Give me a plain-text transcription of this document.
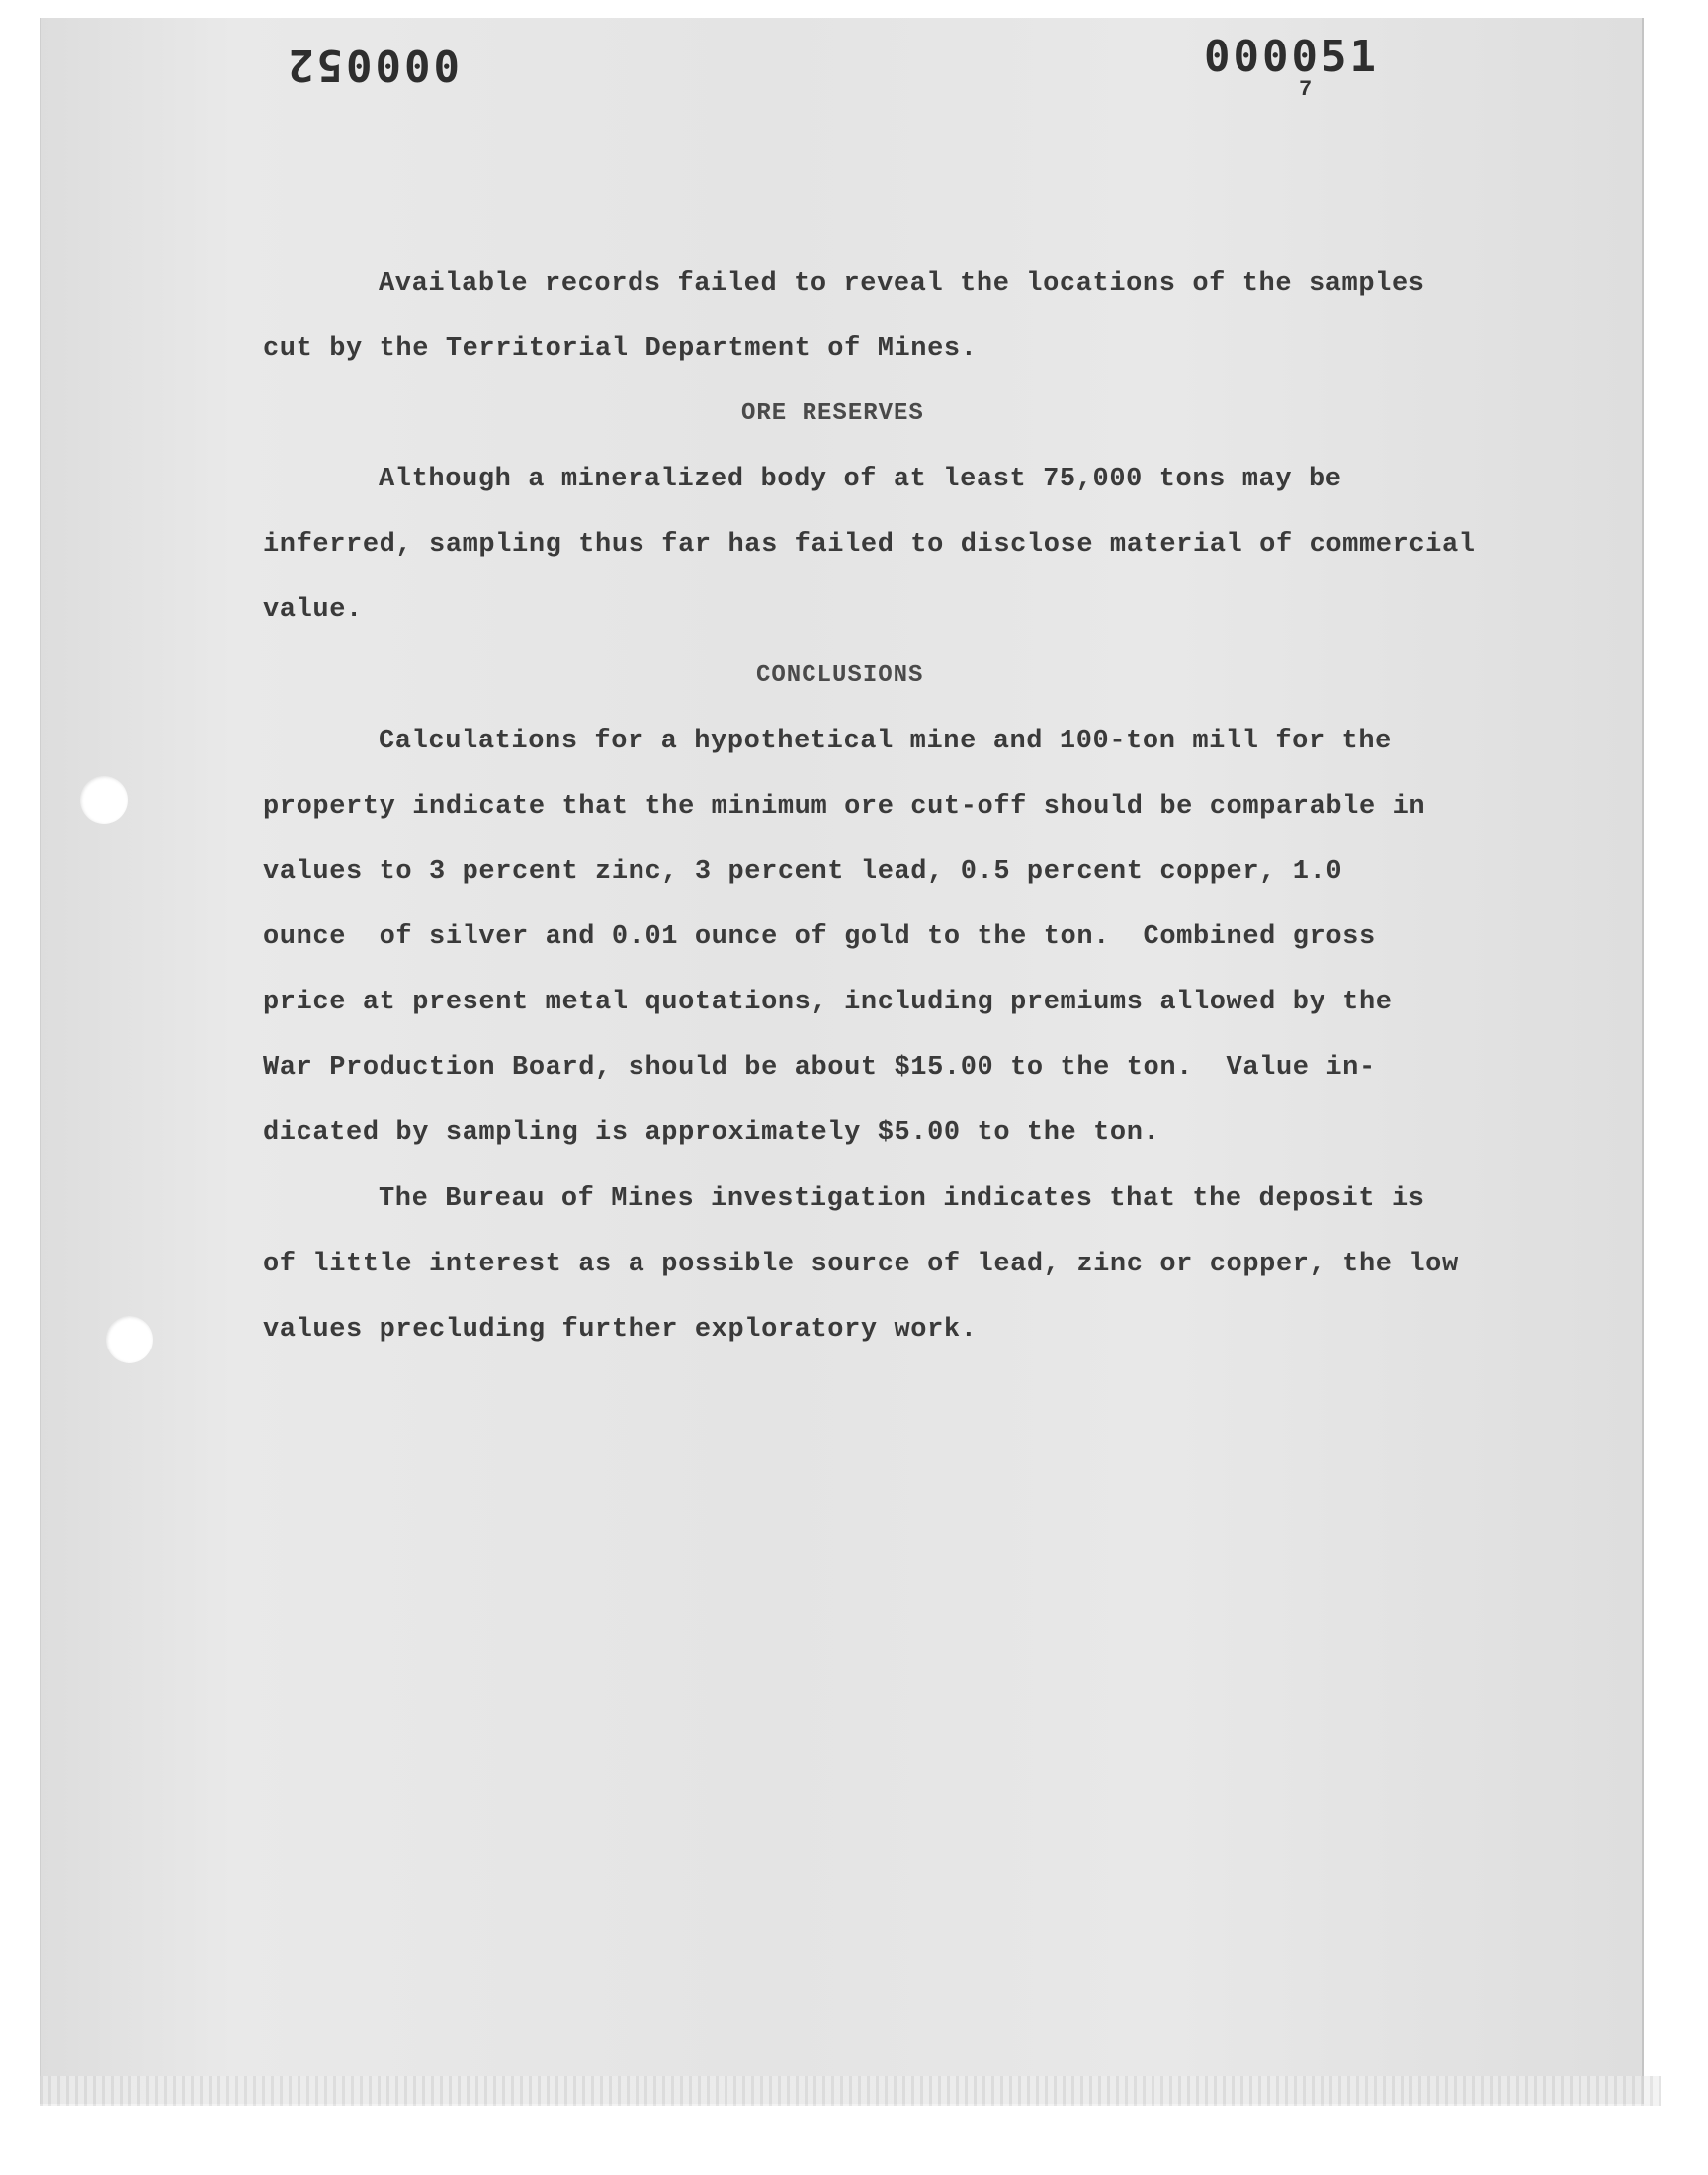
000052	000051
7
Available records failed to reveal the locations of the samples
cut by the Territorial Department of Mines.
ORE RESERVES
Although a mineralized body of at least 75,000 tons may be
inferred, sampling thus far has failed to disclose material of commercial
value.
CONCLUSIONS
Calculations for a hypothetical mine and 100-ton mill for the
property indicate that the minimum ore cut-off should be comparable in
values to 3 percent zinc, 3 percent lead, 0.5 percent copper, 1.0
ounce  of silver and 0.01 ounce of gold to the ton.  Combined gross
price at present metal quotations, including premiums allowed by the
War Production Board, should be about $15.00 to the ton.  Value in-
dicated by sampling is approximately $5.00 to the ton.
The Bureau of Mines investigation indicates that the deposit is
of little interest as a possible source of lead, zinc or copper, the low
values precluding further exploratory work.
